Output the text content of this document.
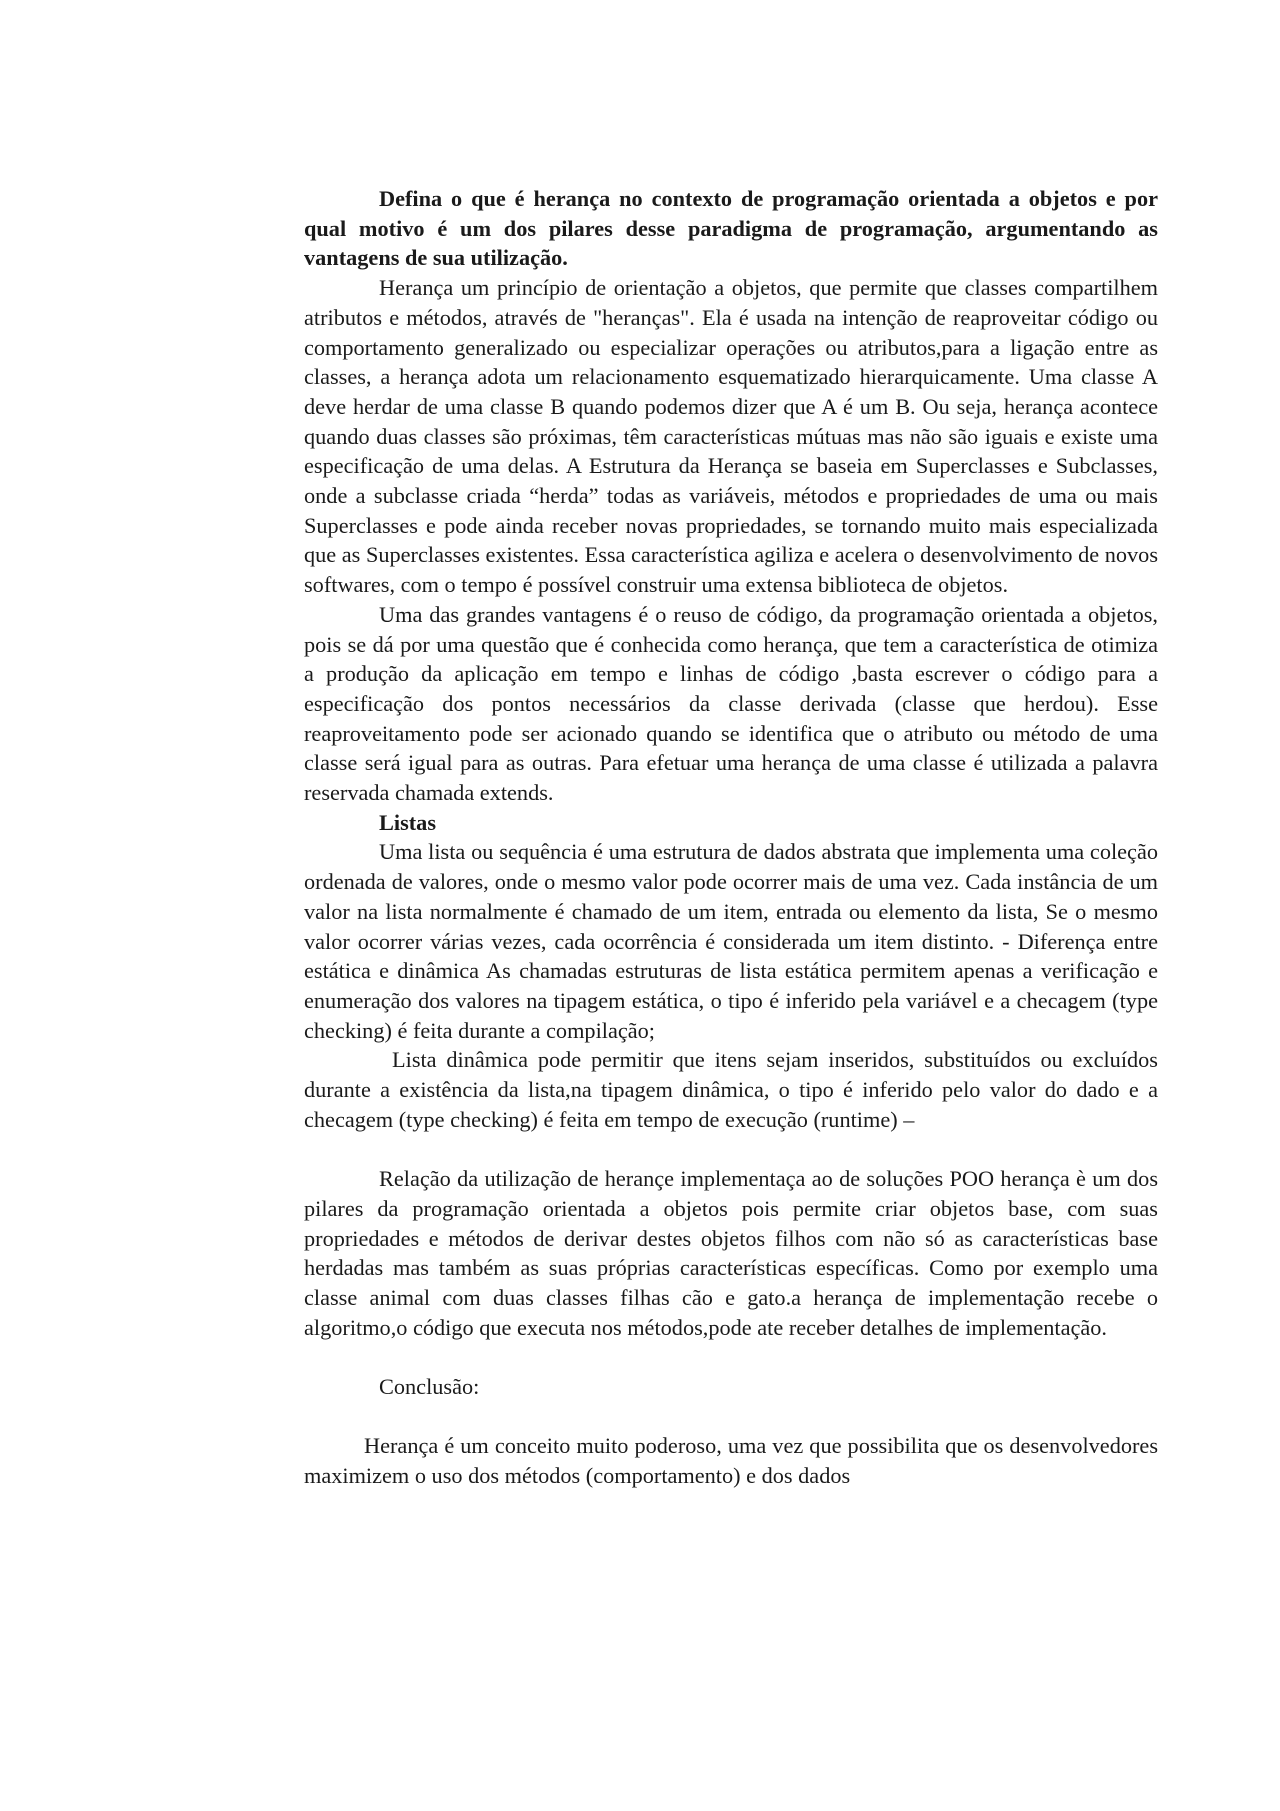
Defina o que é herança no contexto de programação orientada a objetos e por qual motivo é um dos pilares desse paradigma de programação, argumentando as vantagens de sua utilização.

Herança um princípio de orientação a objetos, que permite que classes compartilhem atributos e métodos, através de "heranças". Ela é usada na intenção de reaproveitar código ou comportamento generalizado ou especializar operações ou atributos,para a ligação entre as classes, a herança adota um relacionamento esquematizado hierarquicamente. Uma classe A deve herdar de uma classe B quando podemos dizer que A é um B. Ou seja, herança acontece quando duas classes são próximas, têm características mútuas mas não são iguais e existe uma especificação de uma delas. A Estrutura da Herança se baseia em Superclasses e Subclasses, onde a subclasse criada “herda” todas as variáveis, métodos e propriedades de uma ou mais Superclasses e pode ainda receber novas propriedades, se tornando muito mais especializada que as Superclasses existentes. Essa característica agiliza e acelera o desenvolvimento de novos softwares, com o tempo é possível construir uma extensa biblioteca de objetos.

Uma das grandes vantagens é o reuso de código, da programação orientada a objetos, pois se dá por uma questão que é conhecida como herança, que tem a característica de otimiza a produção da aplicação em tempo e linhas de código ,basta escrever o código para a especificação dos pontos necessários da classe derivada (classe que herdou). Esse reaproveitamento pode ser acionado quando se identifica que o atributo ou método de uma classe será igual para as outras. Para efetuar uma herança de uma classe é utilizada a palavra reservada chamada extends.

Listas

Uma lista ou sequência é uma estrutura de dados abstrata que implementa uma coleção ordenada de valores, onde o mesmo valor pode ocorrer mais de uma vez. Cada instância de um valor na lista normalmente é chamado de um item, entrada ou elemento da lista, Se o mesmo valor ocorrer várias vezes, cada ocorrência é considerada um item distinto. - Diferença entre estática e dinâmica As chamadas estruturas de lista estática permitem apenas a verificação e enumeração dos valores na tipagem estática, o tipo é inferido pela variável e a checagem (type checking) é feita durante a compilação;

Lista dinâmica pode permitir que itens sejam inseridos, substituídos ou excluídos durante a existência da lista,na tipagem dinâmica, o tipo é inferido pelo valor do dado e a checagem (type checking) é feita em tempo de execução (runtime) –

Relação da utilização de herançe implementaça ao de soluções POO herança è um dos pilares da programação orientada a objetos pois permite criar objetos base, com suas propriedades e métodos de derivar destes objetos filhos com não só as características base herdadas mas também as suas próprias características específicas. Como por exemplo uma classe animal com duas classes filhas cão e gato.a herança de implementação recebe o algoritmo,o código que executa nos métodos,pode ate receber detalhes de implementação.

Conclusão:

Herança é um conceito muito poderoso, uma vez que possibilita que os desenvolvedores maximizem o uso dos métodos (comportamento) e dos dados
